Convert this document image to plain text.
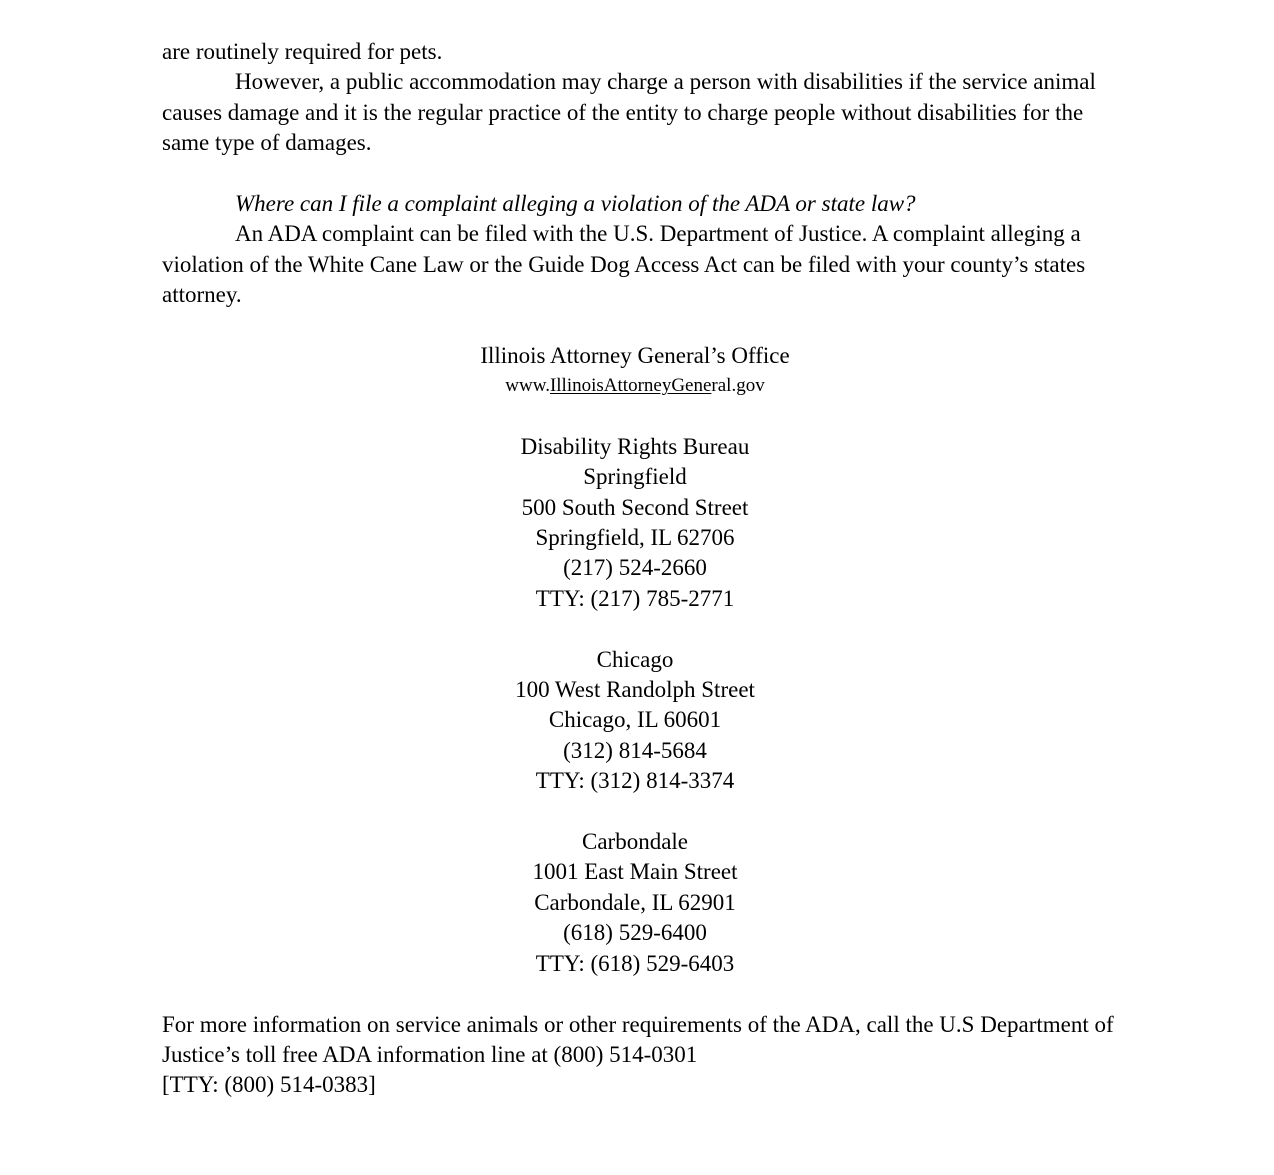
are routinely required for pets.
However, a public accommodation may charge a person with disabilities if the service animal
causes damage and it is the regular practice of the entity to charge people without disabilities for the
same type of damages.
Where can I file a complaint alleging a violation of the ADA or state law?
An ADA complaint can be filed with the U.S. Department of Justice. A complaint alleging a
violation of the White Cane Law or the Guide Dog Access Act can be filed with your county’s states
attorney.
Illinois Attorney General’s Office
www.IllinoisAttorneyGeneral.gov
Disability Rights Bureau
Springfield
500 South Second Street
Springfield, IL 62706
(217) 524-2660
TTY: (217) 785-2771
Chicago
100 West Randolph Street
Chicago, IL 60601
(312) 814-5684
TTY: (312) 814-3374
Carbondale
1001 East Main Street
Carbondale, IL 62901
(618) 529-6400
TTY: (618) 529-6403
For more information on service animals or other requirements of the ADA, call the U.S Department of
Justice’s toll free ADA information line at (800) 514-0301
[TTY: (800) 514-0383]
